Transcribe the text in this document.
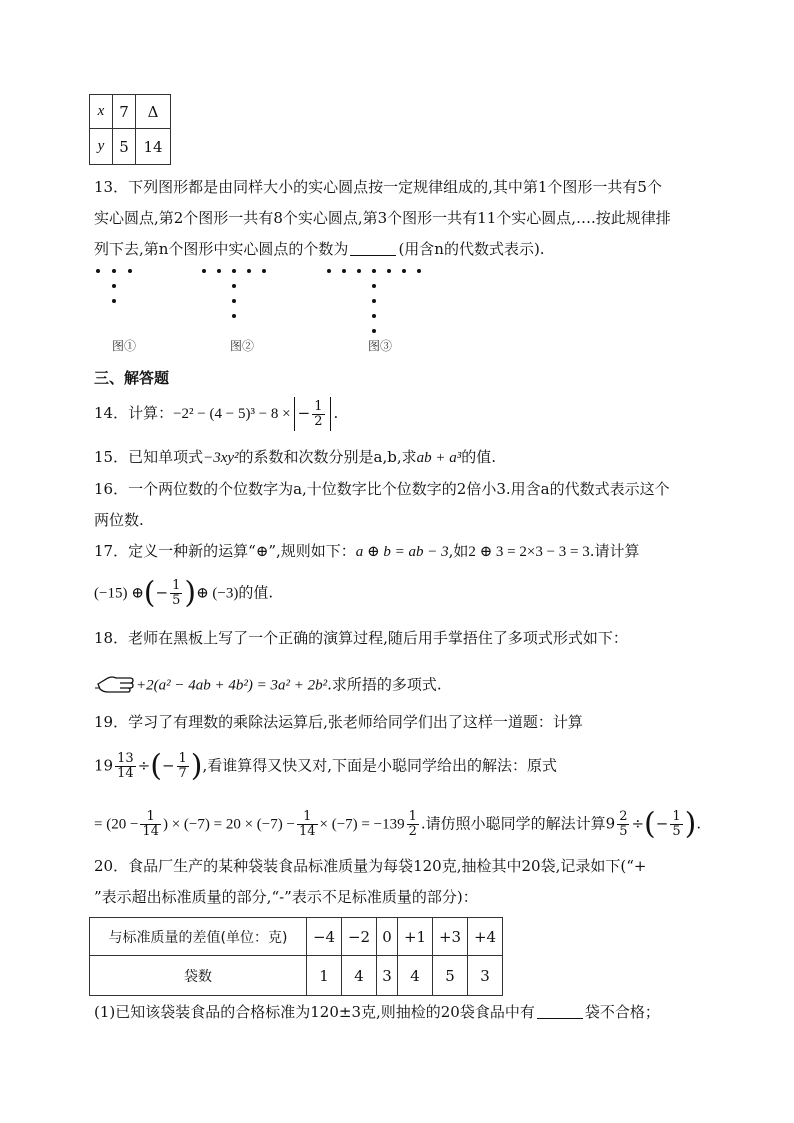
x	7	Δ
y	5	14
13．下列图形都是由同样大小的实心圆点按一定规律组成的,其中第1个图形一共有5个
实心圆点,第2个图形一共有8个实心圆点,第3个图形一共有11个实心圆点,….按此规律排
列下去,第n个图形中实心圆点的个数为	(用含n的代数式表示).
图①	图②	图③
三、解答题
14．计算：−2² − (4 − 5)³ − 8 × − $\frac{1}{2}$ .
15．已知单项式−3xy²的系数和次数分别是a,b,求ab + a³的值.
16．一个两位数的个位数字为a,十位数字比个位数字的2倍小3.用含a的代数式表示这个
两位数.
17．定义一种新的运算“⊕”,规则如下：a ⊕ b = ab − 3,如2 ⊕ 3 = 2×3 − 3 = 3.请计算
(−15) ⊕(− $\frac{1}{5}$ )⊕ (−3)的值.
18．老师在黑板上写了一个正确的演算过程,随后用手掌捂住了多项式形式如下：
+2(a² − 4ab + 4b²) = 3a² + 2b².求所捂的多项式.
19．学习了有理数的乘除法运算后,张老师给同学们出了这样一道题：计算
$19 \frac{13}{14}$ ÷(− $\frac{1}{7}$ ),看谁算得又快又对,下面是小聪同学给出的解法：原式
= ($20 - \frac{1}{14}$ ) × $(-7) = 20 \times (-7) - \frac{1}{14} \times (-7) = -139 \frac{1}{2}$ .请仿照小聪同学的解法计算$9 \frac{2}{5}$ ÷(− $\frac{1}{5}$ ).
20．食品厂生产的某种袋装食品标准质量为每袋120克,抽检其中20袋,记录如下(“+
”表示超出标准质量的部分,“-”表示不足标准质量的部分)：
与标准质量的差值(单位：克)	−4	−2	0	+1	+3	+4
袋数	1	4	3	4	5	3
(1)已知该袋装食品的合格标准为120±3克,则抽检的20袋食品中有	袋不合格；
